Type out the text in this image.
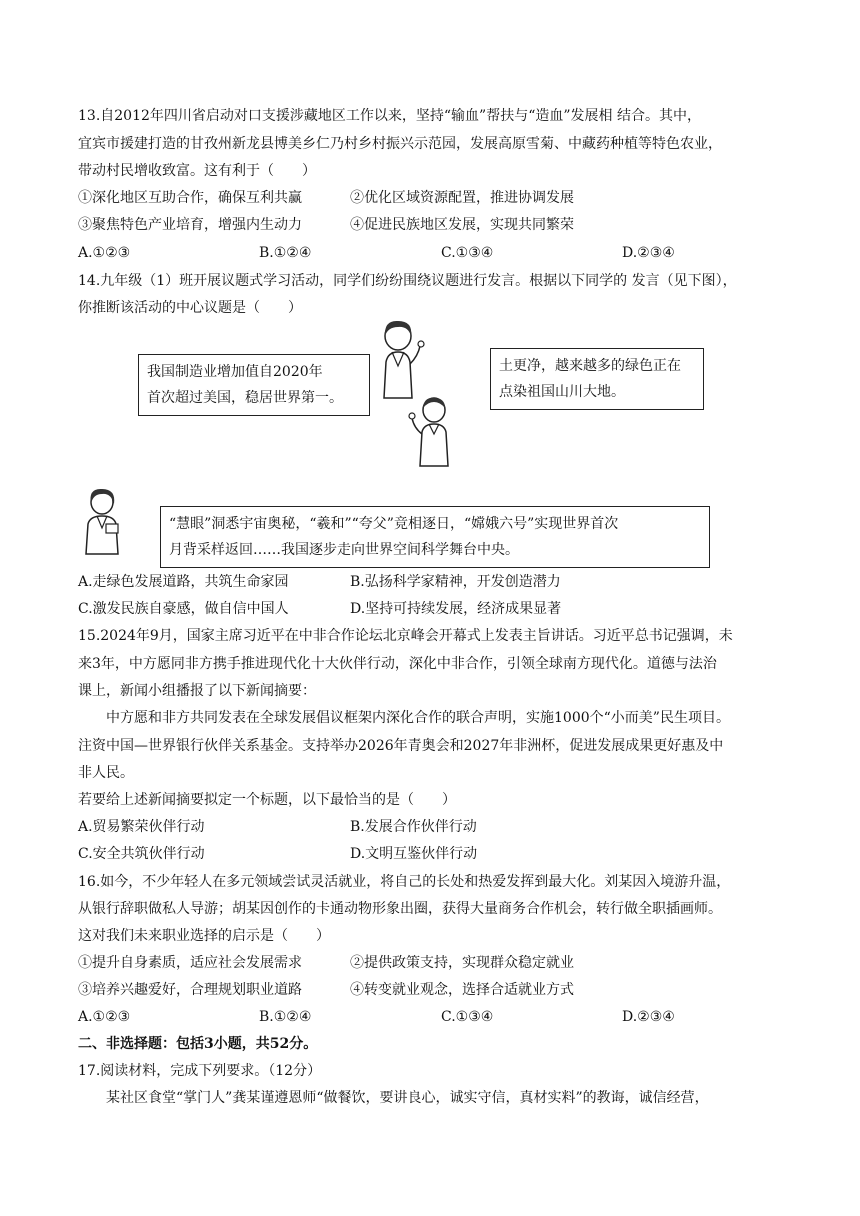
13.自2012年四川省启动对口支援涉藏地区工作以来，坚持“输血”帮扶与“造血”发展相 结合。其中，
宜宾市援建打造的甘孜州新龙县博美乡仁乃村乡村振兴示范园，发展高原雪菊、中藏药种植等特色农业，
带动村民增收致富。这有利于（　　）
①深化地区互助合作，确保互利共赢	②优化区域资源配置，推进协调发展
③聚焦特色产业培育，增强内生动力	④促进民族地区发展，实现共同繁荣
A.①②③	B.①②④	C.①③④	D.②③④
14.九年级（1）班开展议题式学习活动，同学们纷纷围绕议题进行发言。根据以下同学的 发言（见下图），
你推断该活动的中心议题是（　　）
我国制造业增加值自2020年
首次超过美国，稳居世界第一。
土更净，越来越多的绿色正在
点染祖国山川大地。
“慧眼”洞悉宇宙奥秘，“羲和”“夸父”竞相逐日，“嫦娥六号”实现世界首次
月背采样返回……我国逐步走向世界空间科学舞台中央。
A.走绿色发展道路，共筑生命家园	B.弘扬科学家精神，开发创造潜力
C.激发民族自豪感，做自信中国人	D.坚持可持续发展，经济成果显著
15.2024年9月，国家主席习近平在中非合作论坛北京峰会开幕式上发表主旨讲话。习近平总书记强调，未
来3年，中方愿同非方携手推进现代化十大伙伴行动，深化中非合作，引领全球南方现代化。道德与法治
课上，新闻小组播报了以下新闻摘要：
中方愿和非方共同发表在全球发展倡议框架内深化合作的联合声明，实施1000个“小而美”民生项目。
注资中国—世界银行伙伴关系基金。支持举办2026年青奥会和2027年非洲杯，促进发展成果更好惠及中
非人民。
若要给上述新闻摘要拟定一个标题，以下最恰当的是（　　）
A.贸易繁荣伙伴行动	B.发展合作伙伴行动
C.安全共筑伙伴行动	D.文明互鉴伙伴行动
16.如今，不少年轻人在多元领域尝试灵活就业，将自己的长处和热爱发挥到最大化。刘某因入境游升温，
从银行辞职做私人导游；胡某因创作的卡通动物形象出圈，获得大量商务合作机会，转行做全职插画师。
这对我们未来职业选择的启示是（　　）
①提升自身素质，适应社会发展需求	②提供政策支持，实现群众稳定就业
③培养兴趣爱好，合理规划职业道路	④转变就业观念，选择合适就业方式
A.①②③	B.①②④	C.①③④	D.②③④
二、非选择题：包括3小题，共52分。
17.阅读材料，完成下列要求。（12分）
某社区食堂“掌门人”龚某谨遵恩师“做餐饮，要讲良心，诚实守信，真材实料”的教诲，诚信经营，
